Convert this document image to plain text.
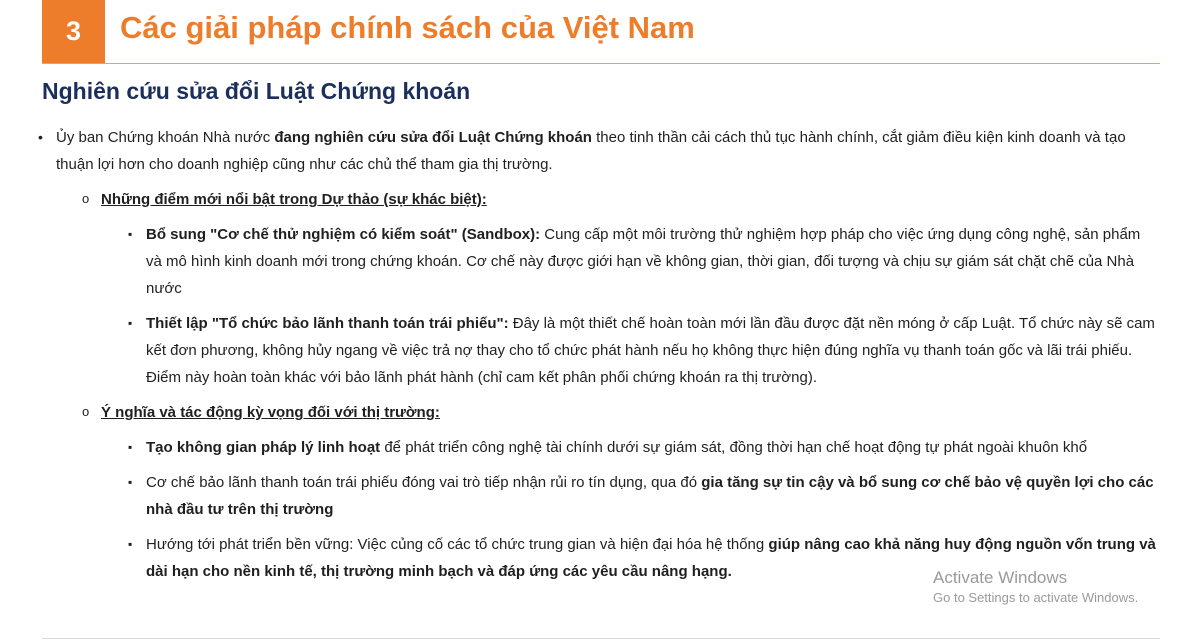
3	Các giải pháp chính sách của Việt Nam
Nghiên cứu sửa đổi Luật Chứng khoán
• Ủy ban Chứng khoán Nhà nước đang nghiên cứu sửa đổi Luật Chứng khoán theo tinh thần cải cách thủ tục hành chính, cắt giảm điều kiện kinh doanh và tạo thuận lợi hơn cho doanh nghiệp cũng như các chủ thể tham gia thị trường.
o Những điểm mới nổi bật trong Dự thảo (sự khác biệt):
▪ Bổ sung "Cơ chế thử nghiệm có kiểm soát" (Sandbox): Cung cấp một môi trường thử nghiệm hợp pháp cho việc ứng dụng công nghệ, sản phẩm và mô hình kinh doanh mới trong chứng khoán. Cơ chế này được giới hạn về không gian, thời gian, đối tượng và chịu sự giám sát chặt chẽ của Nhà nước
▪ Thiết lập "Tổ chức bảo lãnh thanh toán trái phiếu": Đây là một thiết chế hoàn toàn mới lần đầu được đặt nền móng ở cấp Luật. Tổ chức này sẽ cam kết đơn phương, không hủy ngang về việc trả nợ thay cho tổ chức phát hành nếu họ không thực hiện đúng nghĩa vụ thanh toán gốc và lãi trái phiếu. Điểm này hoàn toàn khác với bảo lãnh phát hành (chỉ cam kết phân phối chứng khoán ra thị trường).
o Ý nghĩa và tác động kỳ vọng đối với thị trường:
▪ Tạo không gian pháp lý linh hoạt để phát triển công nghệ tài chính dưới sự giám sát, đồng thời hạn chế hoạt động tự phát ngoài khuôn khổ
▪ Cơ chế bảo lãnh thanh toán trái phiếu đóng vai trò tiếp nhận rủi ro tín dụng, qua đó gia tăng sự tin cậy và bổ sung cơ chế bảo vệ quyền lợi cho các nhà đầu tư trên thị trường
▪ Hướng tới phát triển bền vững: Việc củng cố các tổ chức trung gian và hiện đại hóa hệ thống giúp nâng cao khả năng huy động nguồn vốn trung và dài hạn cho nền kinh tế, thị trường minh bạch và đáp ứng các yêu cầu nâng hạng.	Activate Windows
Go to Settings to activate Windows.
